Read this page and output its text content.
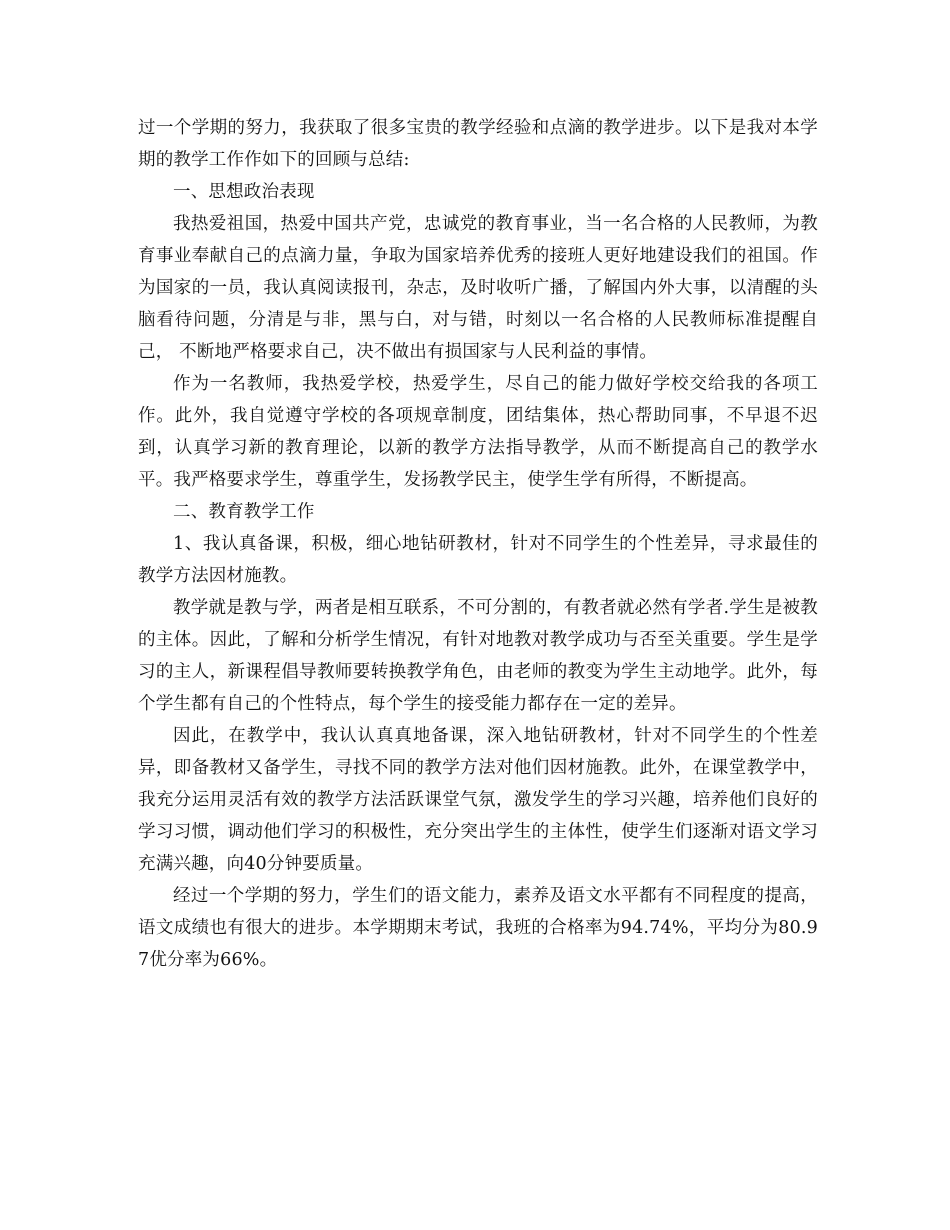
过一个学期的努力，我获取了很多宝贵的教学经验和点滴的教学进步。以下是我对本学期的教学工作作如下的回顾与总结:

一、思想政治表现

我热爱祖国，热爱中国共产党，忠诚党的教育事业，当一名合格的人民教师，为教育事业奉献自己的点滴力量，争取为国家培养优秀的接班人更好地建设我们的祖国。作为国家的一员，我认真阅读报刊，杂志，及时收听广播，了解国内外大事，以清醒的头脑看待问题，分清是与非，黑与白，对与错，时刻以一名合格的人民教师标准提醒自己， 不断地严格要求自己，决不做出有损国家与人民利益的事情。

作为一名教师，我热爱学校，热爱学生，尽自己的能力做好学校交给我的各项工作。此外，我自觉遵守学校的各项规章制度，团结集体，热心帮助同事，不早退不迟到，认真学习新的教育理论，以新的教学方法指导教学，从而不断提高自己的教学水平。我严格要求学生，尊重学生，发扬教学民主，使学生学有所得，不断提高。

二、教育教学工作

1、我认真备课，积极，细心地钻研教材，针对不同学生的个性差异，寻求最佳的教学方法因材施教。

教学就是教与学，两者是相互联系，不可分割的，有教者就必然有学者.学生是被教的主体。因此，了解和分析学生情况，有针对地教对教学成功与否至关重要。学生是学习的主人，新课程倡导教师要转换教学角色，由老师的教变为学生主动地学。此外，每个学生都有自己的个性特点，每个学生的接受能力都存在一定的差异。

因此，在教学中，我认认真真地备课，深入地钻研教材，针对不同学生的个性差异，即备教材又备学生，寻找不同的教学方法对他们因材施教。此外，在课堂教学中，我充分运用灵活有效的教学方法活跃课堂气氛，激发学生的学习兴趣，培养他们良好的学习习惯，调动他们学习的积极性，充分突出学生的主体性，使学生们逐渐对语文学习充满兴趣，向40分钟要质量。

经过一个学期的努力，学生们的语文能力，素养及语文水平都有不同程度的提高，语文成绩也有很大的进步。本学期期末考试，我班的合格率为94.74%，平均分为80.97优分率为66%。
